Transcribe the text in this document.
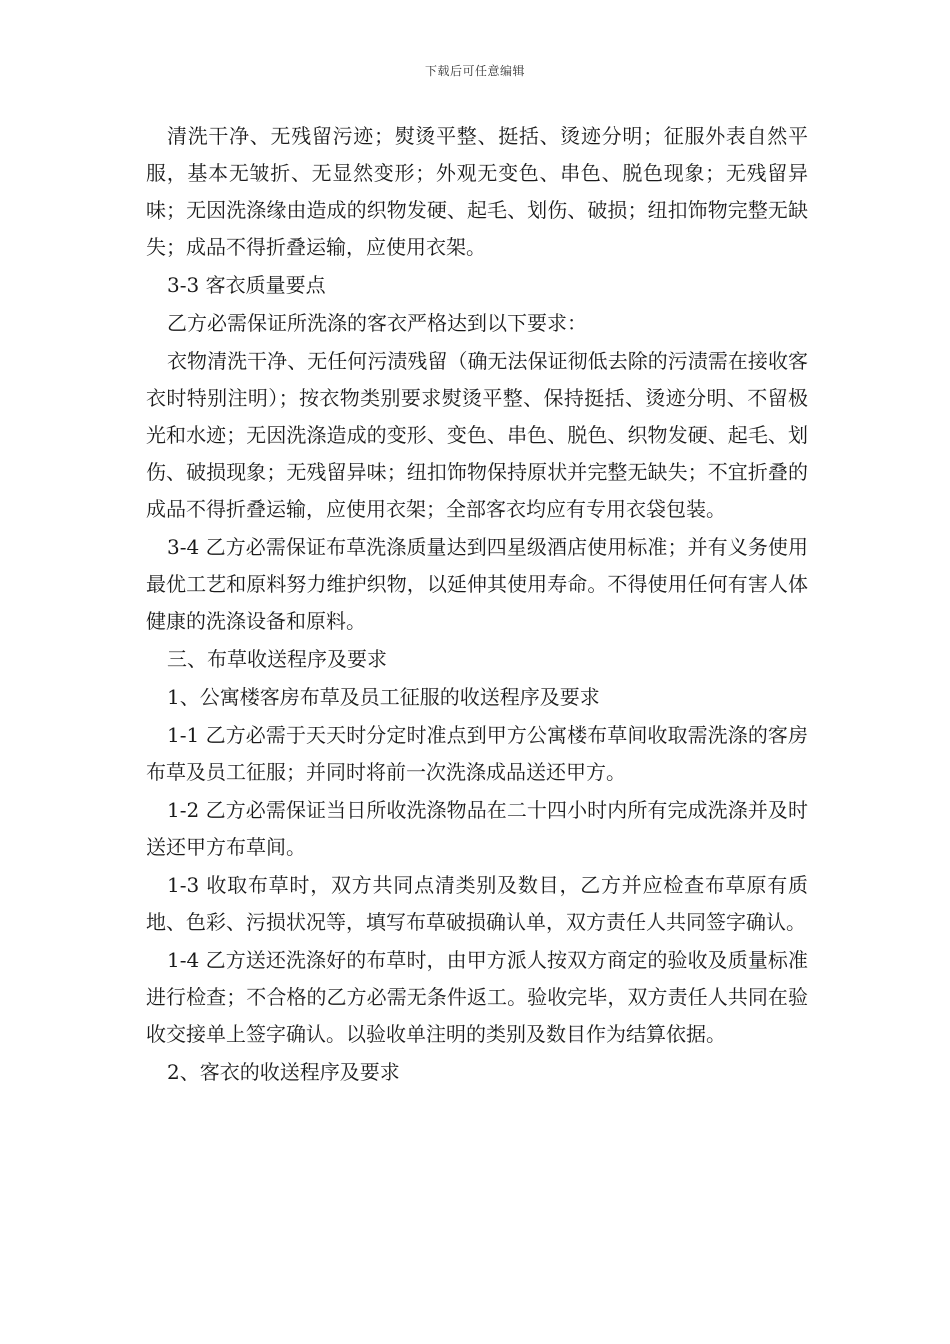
下载后可任意编辑

清洗干净、无残留污迹；熨烫平整、挺括、烫迹分明；征服外表自然平服，基本无皱折、无显然变形；外观无变色、串色、脱色现象；无残留异味；无因洗涤缘由造成的织物发硬、起毛、划伤、破损；纽扣饰物完整无缺失；成品不得折叠运输，应使用衣架。

3-3 客衣质量要点

乙方必需保证所洗涤的客衣严格达到以下要求：

衣物清洗干净、无任何污渍残留（确无法保证彻低去除的污渍需在接收客衣时特别注明）；按衣物类别要求熨烫平整、保持挺括、烫迹分明、不留极光和水迹；无因洗涤造成的变形、变色、串色、脱色、织物发硬、起毛、划伤、破损现象；无残留异味；纽扣饰物保持原状并完整无缺失；不宜折叠的成品不得折叠运输，应使用衣架；全部客衣均应有专用衣袋包装。

3-4 乙方必需保证布草洗涤质量达到四星级酒店使用标准；并有义务使用最优工艺和原料努力维护织物，以延伸其使用寿命。不得使用任何有害人体健康的洗涤设备和原料。

三、布草收送程序及要求

1、公寓楼客房布草及员工征服的收送程序及要求

1-1 乙方必需于天天时分定时准点到甲方公寓楼布草间收取需洗涤的客房布草及员工征服；并同时将前一次洗涤成品送还甲方。

1-2 乙方必需保证当日所收洗涤物品在二十四小时内所有完成洗涤并及时送还甲方布草间。

1-3 收取布草时，双方共同点清类别及数目，乙方并应检查布草原有质地、色彩、污损状况等，填写布草破损确认单，双方责任人共同签字确认。

1-4 乙方送还洗涤好的布草时，由甲方派人按双方商定的验收及质量标准进行检查；不合格的乙方必需无条件返工。验收完毕，双方责任人共同在验收交接单上签字确认。以验收单注明的类别及数目作为结算依据。

2、客衣的收送程序及要求
